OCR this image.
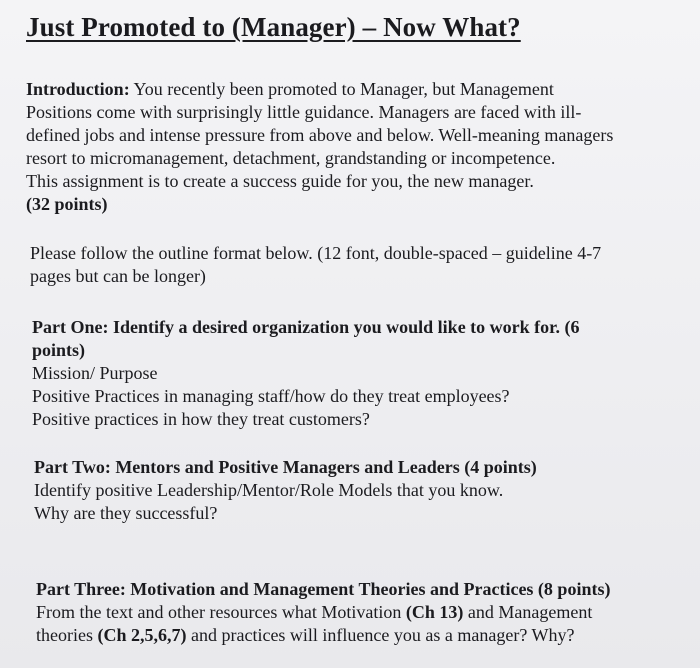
Just Promoted to (Manager) – Now What?
Introduction: You recently been promoted to Manager, but Management
Positions come with surprisingly little guidance. Managers are faced with ill-
defined jobs and intense pressure from above and below. Well-meaning managers
resort to micromanagement, detachment, grandstanding or incompetence.
This assignment is to create a success guide for you, the new manager.
(32 points)
Please follow the outline format below. (12 font, double-spaced – guideline 4-7
pages but can be longer)
Part One: Identify a desired organization you would like to work for. (6
points)
Mission/ Purpose
Positive Practices in managing staff/how do they treat employees?
Positive practices in how they treat customers?
Part Two: Mentors and Positive Managers and Leaders (4 points)
Identify positive Leadership/Mentor/Role Models that you know.
Why are they successful?
Part Three: Motivation and Management Theories and Practices (8 points)
From the text and other resources what Motivation (Ch 13) and Management
theories (Ch 2,5,6,7) and practices will influence you as a manager? Why?
